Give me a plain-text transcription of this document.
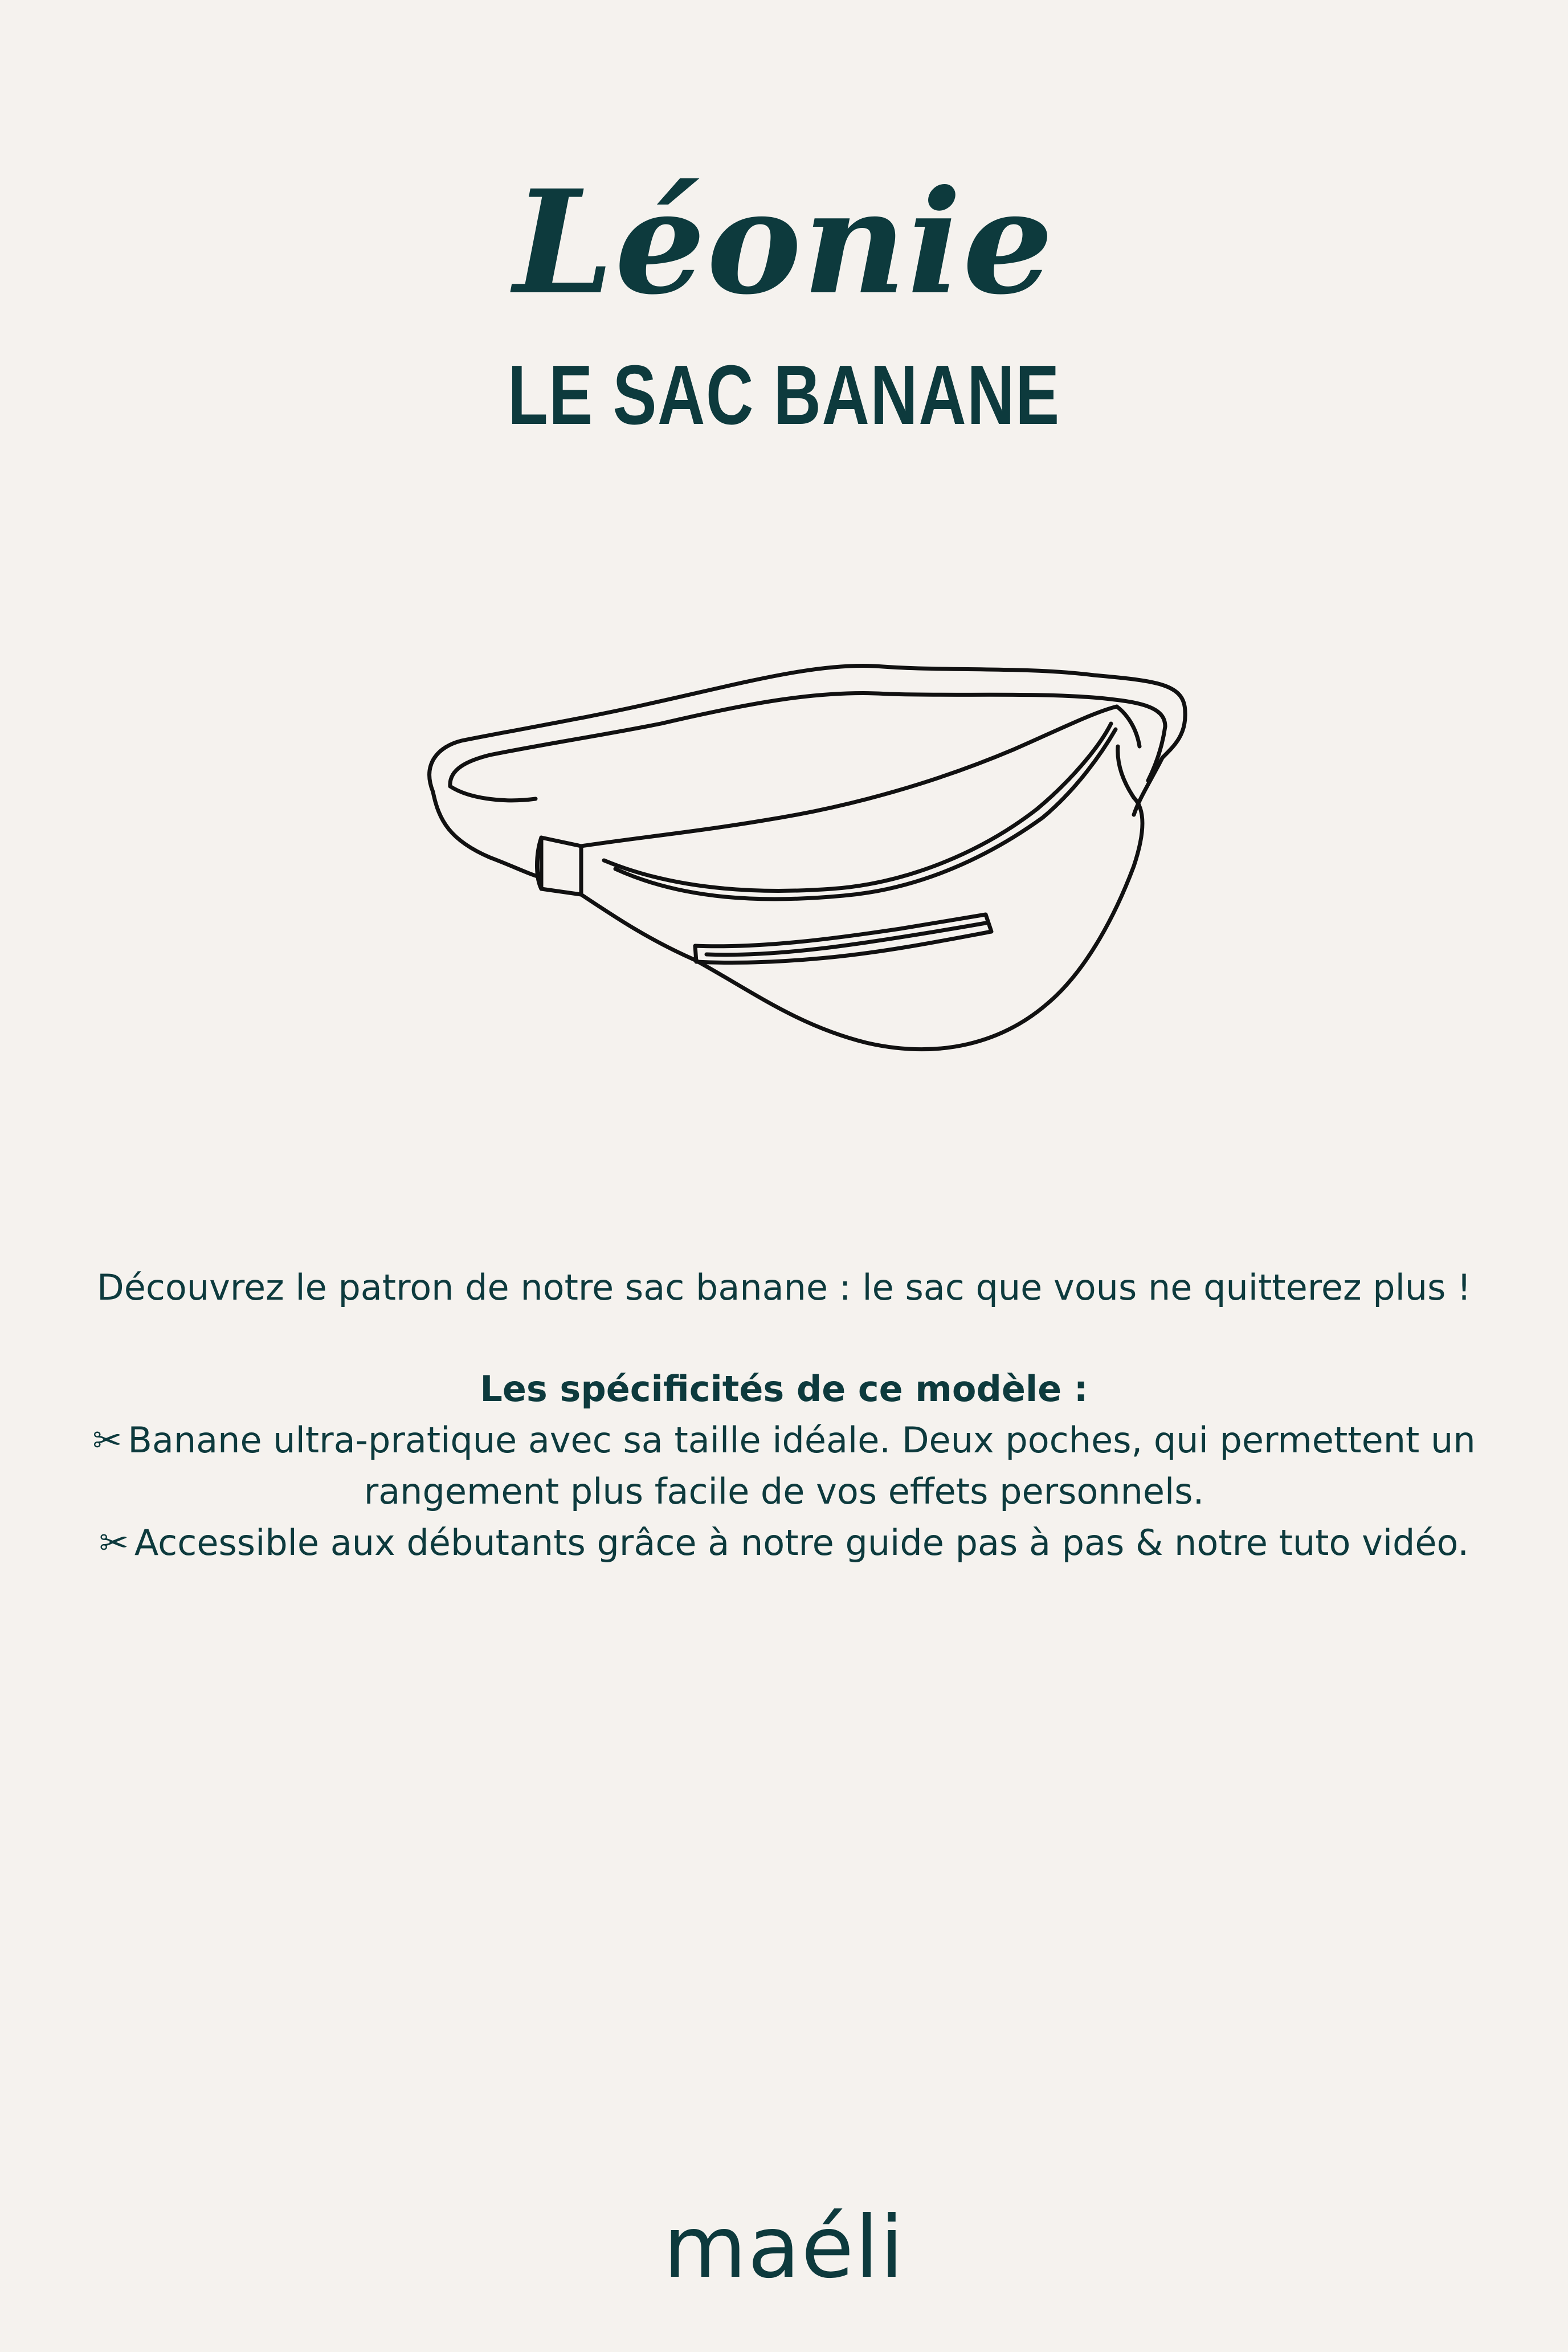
Léonie
LE SAC BANANE

Découvrez le patron de notre sac banane : le sac que vous ne quitterez plus !

Les spécificités de ce modèle :

✂ Banane ultra-pratique avec sa taille idéale. Deux poches, qui permettent un rangement plus facile de vos effets personnels.

✂ Accessible aux débutants grâce à notre guide pas à pas & notre tuto vidéo.

maéli
